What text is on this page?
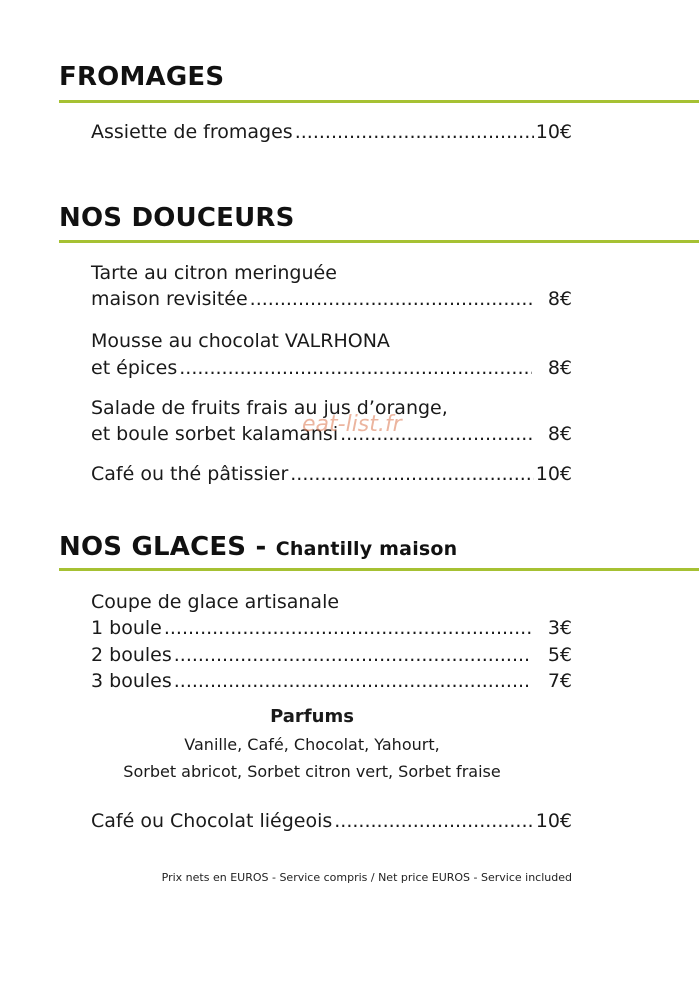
FROMAGES
Assiette de fromages .....	10€
NOS DOUCEURS
Tarte au citron meringuée
maison revisitée .....	8€
Mousse au chocolat VALRHONA
et épices .....	8€
Salade de fruits frais au jus d’orange,
et boule sorbet kalamansi .....	8€
Café ou thé pâtissier .....	10€
NOS GLACES - Chantilly maison
Coupe de glace artisanale
1 boule .....	3€
2 boules .....	5€
3 boules .....	7€
Parfums
Vanille, Café, Chocolat, Yahourt,
Sorbet abricot, Sorbet citron vert, Sorbet fraise
Café ou Chocolat liégeois .....	10€
Prix nets en EUROS - Service compris / Net price EUROS - Service included
eat-list.fr
